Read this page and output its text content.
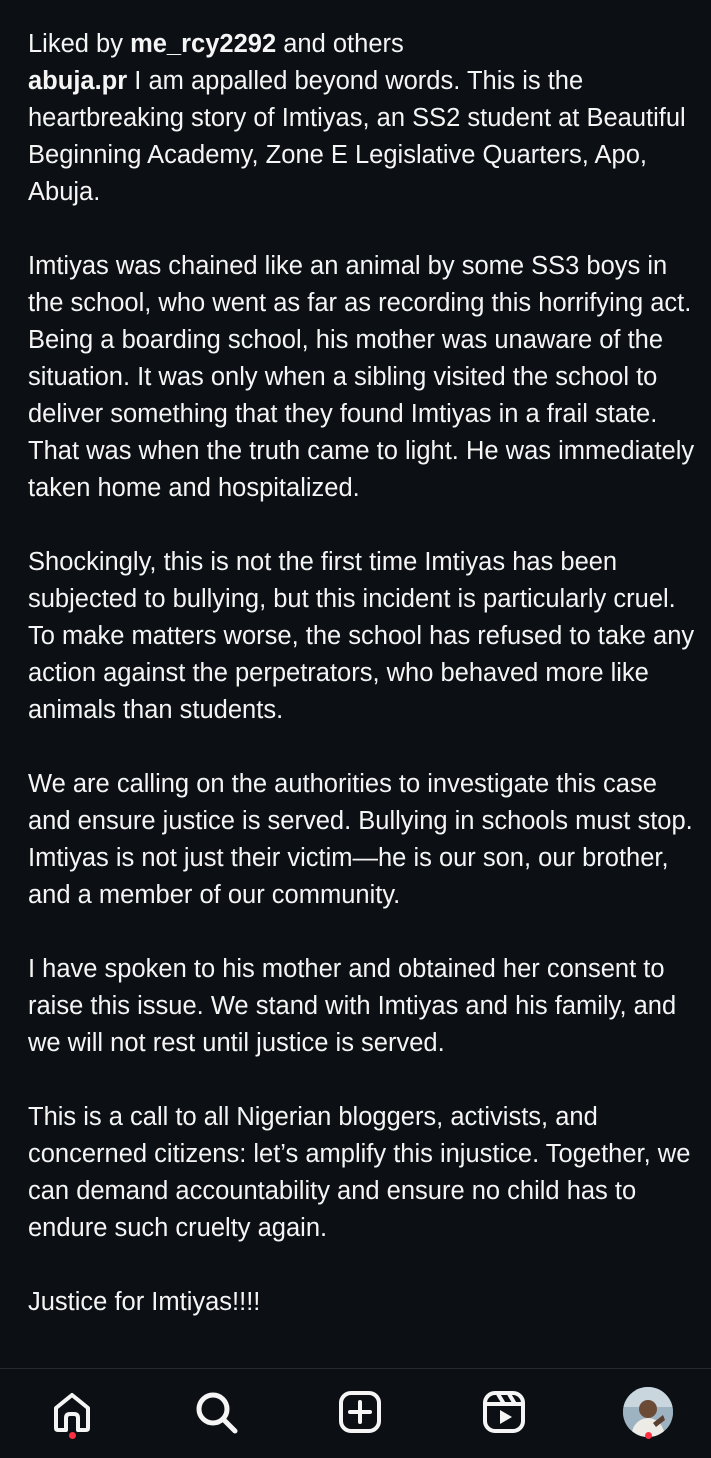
Liked by me_rcy2292 and others

abuja.pr I am appalled beyond words. This is the heartbreaking story of Imtiyas, an SS2 student at Beautiful Beginning Academy, Zone E Legislative Quarters, Apo, Abuja.

Imtiyas was chained like an animal by some SS3 boys in the school, who went as far as recording this horrifying act. Being a boarding school, his mother was unaware of the situation. It was only when a sibling visited the school to deliver something that they found Imtiyas in a frail state. That was when the truth came to light. He was immediately taken home and hospitalized.

Shockingly, this is not the first time Imtiyas has been subjected to bullying, but this incident is particularly cruel. To make matters worse, the school has refused to take any action against the perpetrators, who behaved more like animals than students.

We are calling on the authorities to investigate this case and ensure justice is served. Bullying in schools must stop. Imtiyas is not just their victim—he is our son, our brother, and a member of our community.

I have spoken to his mother and obtained her consent to raise this issue. We stand with Imtiyas and his family, and we will not rest until justice is served.

This is a call to all Nigerian bloggers, activists, and concerned citizens: let’s amplify this injustice. Together, we can demand accountability and ensure no child has to endure such cruelty again.

Justice for Imtiyas!!!!
